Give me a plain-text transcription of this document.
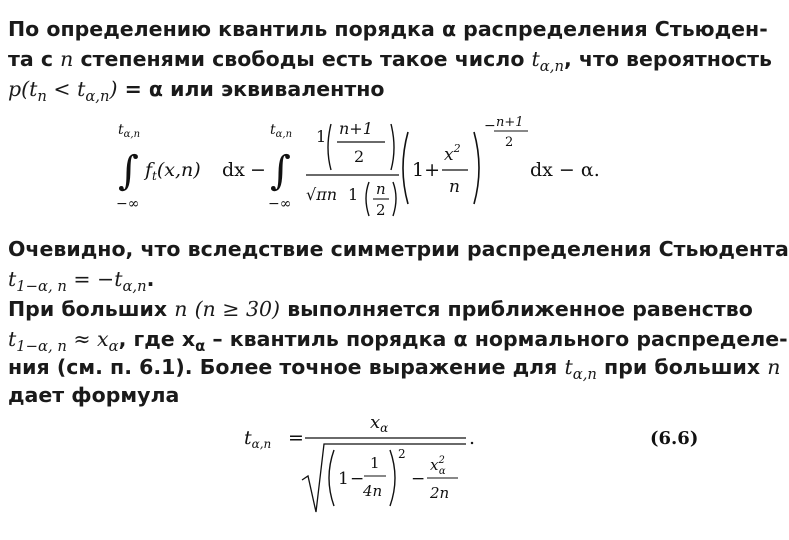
По определению квантиль порядка α распределения Стьюден-
та с n степенями свободы есть такое число $t_{\alpha,n}$, что вероятность
$p(t_n < t_{\alpha,n}) = \alpha$ или эквивалентно
$t_{\alpha,n}$
∫
−∞
$f_t(x,n)$ dx −
$t_{\alpha,n}$
∫
−∞
1 n+1
2
√πn 1 n
2
1+
$x^2$
n
− n+1
2
dx − α.
Очевидно, что вследствие симметрии распределения Стьюдента
$t_{1-\alpha, n} = -t_{\alpha,n}$.
При больших n (n ≥ 30) выполняется приближенное равенство
$t_{1-\alpha, n} \approx x_\alpha$, где $x_\alpha$ – квантиль порядка α нормального распределе-
ния (см. п. 6.1). Более точное выражение для $t_{\alpha,n}$ при больших n
дает формула
$t_{\alpha,n}$ =
$x_\alpha$
1 −
1
4n
2
−
$x^2$ α
2n
.	(6.6)
